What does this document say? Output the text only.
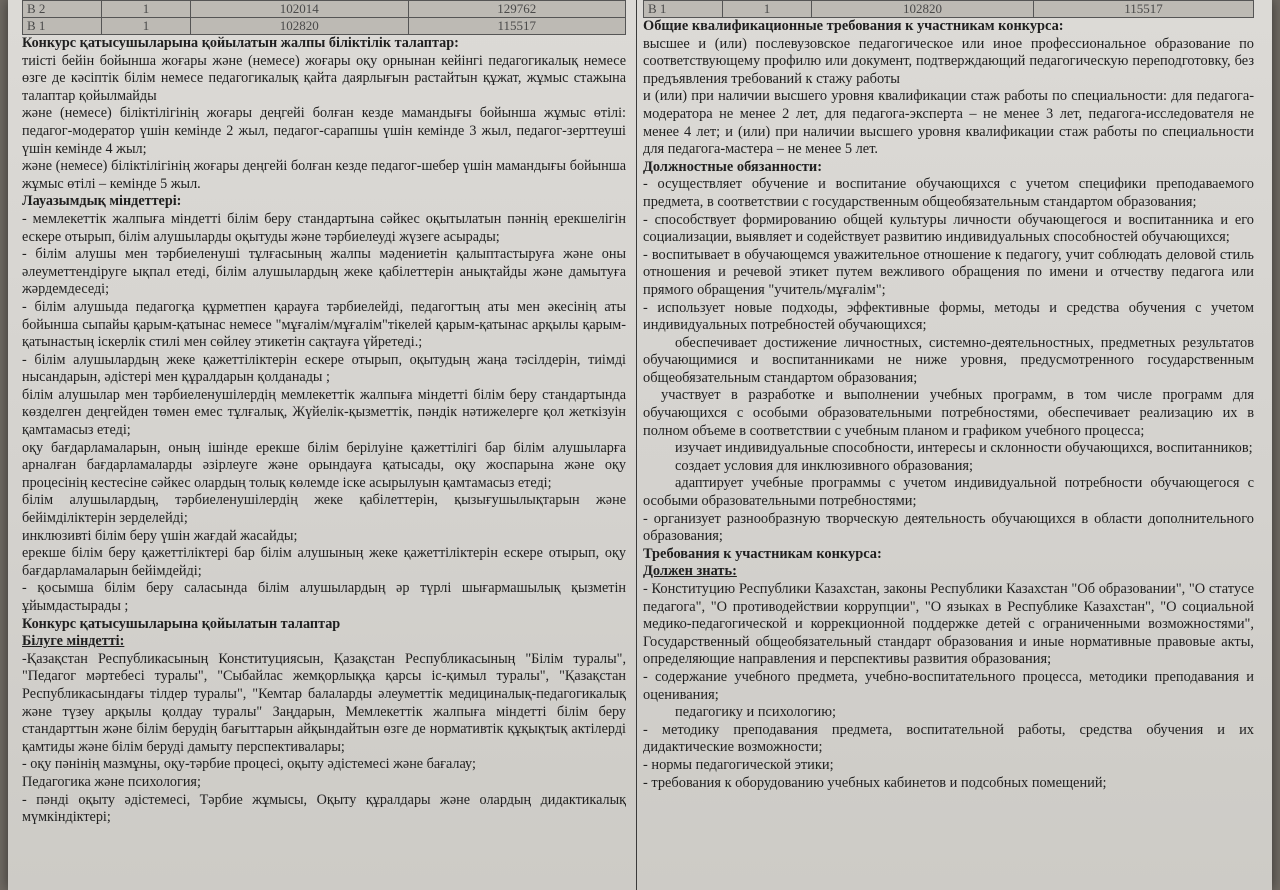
В 2	1	102014	129762
В 1	1	102820	115517

Конкурс қатысушыларына қойылатын жалпы біліктілік талаптар:

тиісті бейін бойынша жоғары және (немесе) жоғары оқу орнынан кейінгі педагогикалық немесе өзге де кәсіптік білім немесе педагогикалық қайта даярлығын растайтын құжат, жұмыс стажына талаптар қойылмайды

және (немесе) біліктілігінің жоғары деңгейі болған кезде мамандығы бойынша жұмыс өтілі: педагог-модератор үшін кемінде 2 жыл, педагог-сарапшы үшін кемінде 3 жыл, педагог-зерттеуші үшін кемінде 4 жыл;

және (немесе) біліктілігінің жоғары деңгейі болған кезде педагог-шебер үшін мамандығы бойынша жұмыс өтілі – кемінде 5 жыл.

Лауазымдық міндеттері:

- мемлекеттік жалпыға міндетті білім беру стандартына сәйкес оқытылатын пәннің ерекшелігін ескере отырып, білім алушыларды оқытуды және тәрбиелеуді жүзеге асырады;

- білім алушы мен тәрбиеленуші тұлғасының жалпы мәдениетін қалыптастыруға және оны әлеуметтендіруге ықпал етеді, білім алушылардың жеке қабілеттерін анықтайды және дамытуға жәрдемдеседі;

- білім алушыда педагогқа құрметпен қарауға тәрбиелейді, педагогтың аты мен әкесінің аты бойынша сыпайы қарым-қатынас немесе "мұғалім/мұғалім"тікелей қарым-қатынас арқылы қарым-қатынастың іскерлік стилі мен сөйлеу этикетін сақтауға үйретеді.;

- білім алушылардың жеке қажеттіліктерін ескере отырып, оқытудың жаңа тәсілдерін, тиімді нысандарын, әдістері мен құралдарын қолданады ;

білім алушылар мен тәрбиеленушілердің мемлекеттік жалпыға міндетті білім беру стандартында көзделген деңгейден төмен емес тұлғалық, Жүйелік-қызметтік, пәндік нәтижелерге қол жеткізуін қамтамасыз етеді;

оқу бағдарламаларын, оның ішінде ерекше білім берілуіне қажеттілігі бар білім алушыларға арналған бағдарламаларды әзірлеуге және орындауға қатысады, оқу жоспарына және оқу процесінің кестесіне сәйкес олардың толық көлемде іске асырылуын қамтамасыз етеді;

білім алушылардың, тәрбиеленушілердің жеке қабілеттерін, қызығушылықтарын және бейімділіктерін зерделейді;

инклюзивті білім беру үшін жағдай жасайды;

ерекше білім беру қажеттіліктері бар білім алушының жеке қажеттіліктерін ескере отырып, оқу бағдарламаларын бейімдейді;

- қосымша білім беру саласында білім алушылардың әр түрлі шығармашылық қызметін ұйымдастырады ;

Конкурс қатысушыларына қойылатын талаптар

Білуге міндетті:

-Қазақстан Республикасының Конституциясын, Қазақстан Республикасының "Білім туралы", "Педагог мәртебесі туралы", "Сыбайлас жемқорлыққа қарсы іс-қимыл туралы", "Қазақстан Республикасындағы тілдер туралы", "Кемтар балаларды әлеуметтік медициналық-педагогикалық және түзеу арқылы қолдау туралы" Заңдарын, Мемлекеттік жалпыға міндетті білім беру стандарттын және білім берудің бағыттарын айқындайтын өзге де нормативтік құқықтық актілерді қамтиды және білім беруді дамыту перспективалары;

- оқу пәнінің мазмұны, оқу-тәрбие процесі, оқыту әдістемесі және бағалау;

Педагогика және психология;

- пәнді оқыту әдістемесі, Тәрбие жұмысы, Оқыту құралдары және олардың дидактикалық мүмкіндіктері;

В 1	1	102820	115517

Общие квалификационные требования к участникам конкурса:

высшее и (или) послевузовское педагогическое или иное профессиональное образование по соответствующему профилю или документ, подтверждающий педагогическую переподготовку, без предъявления требований к стажу работы

и (или) при наличии высшего уровня квалификации стаж работы по специальности: для педагога-модератора не менее 2 лет, для педагога-эксперта – не менее 3 лет, педагога-исследователя не менее 4 лет; и (или) при наличии высшего уровня квалификации стаж работы по специальности для педагога-мастера – не менее 5 лет.

Должностные обязанности:

- осуществляет обучение и воспитание обучающихся с учетом специфики преподаваемого предмета, в соответствии с государственным общеобязательным стандартом образования;

- способствует формированию общей культуры личности обучающегося и воспитанника и его социализации, выявляет и содействует развитию индивидуальных способностей обучающихся;

- воспитывает в обучающемся уважительное отношение к педагогу, учит соблюдать деловой стиль отношения и речевой этикет путем вежливого обращения по имени и отчеству педагога или прямого обращения "учитель/мұғалім";

- использует новые подходы, эффективные формы, методы и средства обучения с учетом индивидуальных потребностей обучающихся;

обеспечивает достижение личностных, системно-деятельностных, предметных результатов обучающимися и воспитанниками не ниже уровня, предусмотренного государственным общеобязательным стандартом образования;

участвует в разработке и выполнении учебных программ, в том числе программ для обучающихся с особыми образовательными потребностями, обеспечивает реализацию их в полном объеме в соответствии с учебным планом и графиком учебного процесса;

изучает индивидуальные способности, интересы и склонности обучающихся, воспитанников;

создает условия для инклюзивного образования;

адаптирует учебные программы с учетом индивидуальной потребности обучающегося с особыми образовательными потребностями;

- организует разнообразную творческую деятельность обучающихся в области дополнительного образования;

Требования к участникам конкурса:

Должен знать:

- Конституцию Республики Казахстан, законы Республики Казахстан "Об образовании", "О статусе педагога", "О противодействии коррупции", "О языках в Республике Казахстан", "О социальной медико-педагогической и коррекционной поддержке детей с ограниченными возможностями", Государственный общеобязательный стандарт образования и иные нормативные правовые акты, определяющие направления и перспективы развития образования;

- содержание учебного предмета, учебно-воспитательного процесса, методики преподавания и оценивания;

педагогику и психологию;

- методику преподавания предмета, воспитательной работы, средства обучения и их дидактические возможности;

- нормы педагогической этики;

- требования к оборудованию учебных кабинетов и подсобных помещений;
